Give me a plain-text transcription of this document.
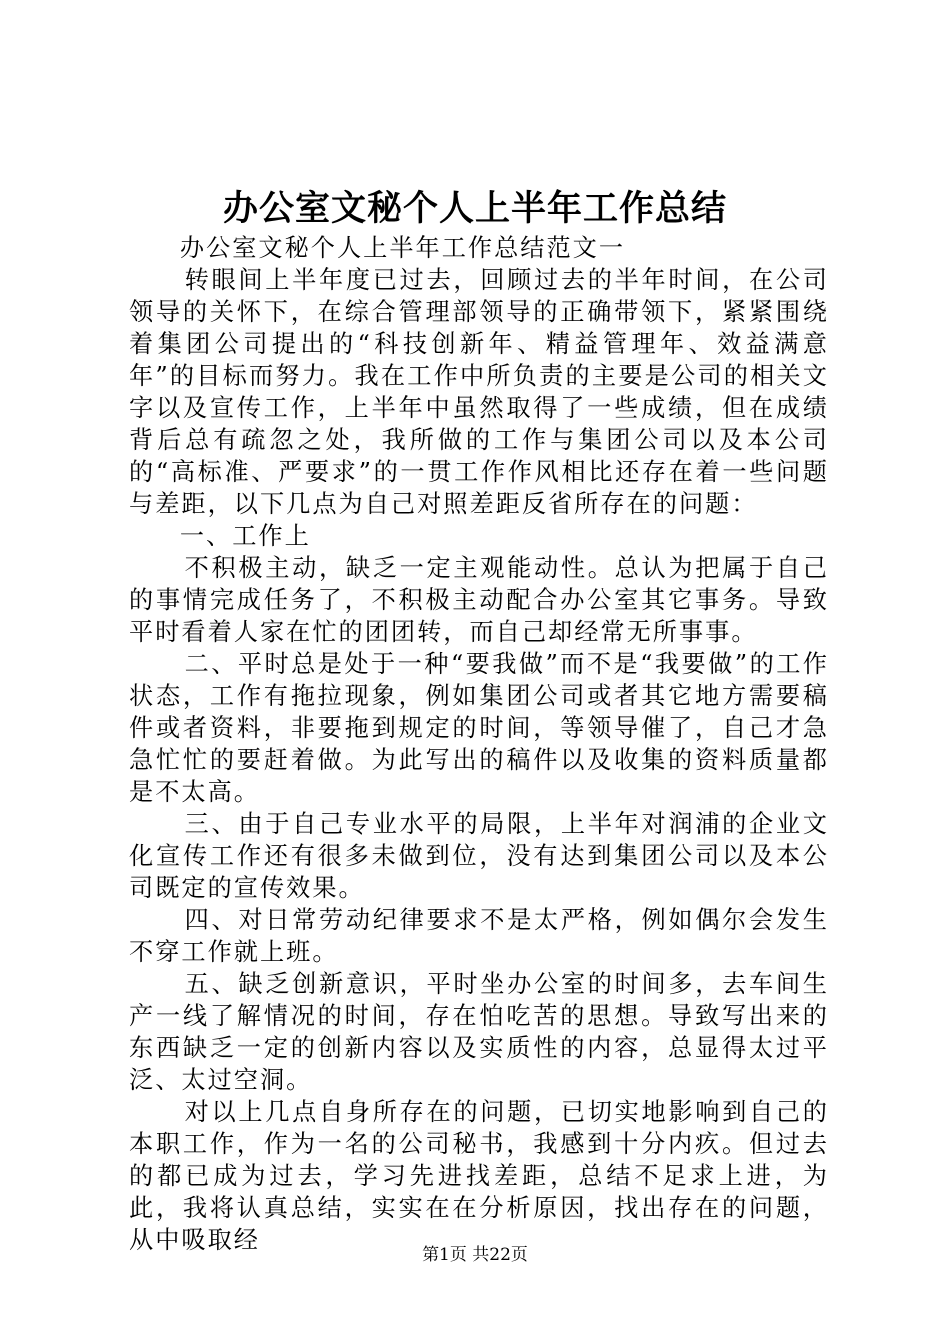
办公室文秘个人上半年工作总结

办公室文秘个人上半年工作总结范文一

转眼间上半年度已过去，回顾过去的半年时间，在公司领导的关怀下，在综合管理部领导的正确带领下，紧紧围绕着集团公司提出的“科技创新年、精益管理年、效益满意年”的目标而努力。我在工作中所负责的主要是公司的相关文字以及宣传工作，上半年中虽然取得了一些成绩，但在成绩背后总有疏忽之处，我所做的工作与集团公司以及本公司的“高标准、严要求”的一贯工作作风相比还存在着一些问题与差距，以下几点为自己对照差距反省所存在的问题：

一、工作上

不积极主动，缺乏一定主观能动性。总认为把属于自己的事情完成任务了，不积极主动配合办公室其它事务。导致平时看着人家在忙的团团转，而自己却经常无所事事。

二、平时总是处于一种“要我做”而不是“我要做”的工作状态，工作有拖拉现象，例如集团公司或者其它地方需要稿件或者资料，非要拖到规定的时间，等领导催了，自己才急急忙忙的要赶着做。为此写出的稿件以及收集的资料质量都是不太高。

三、由于自己专业水平的局限，上半年对润浦的企业文化宣传工作还有很多未做到位，没有达到集团公司以及本公司既定的宣传效果。

四、对日常劳动纪律要求不是太严格，例如偶尔会发生不穿工作就上班。

五、缺乏创新意识，平时坐办公室的时间多，去车间生产一线了解情况的时间，存在怕吃苦的思想。导致写出来的东西缺乏一定的创新内容以及实质性的内容，总显得太过平泛、太过空洞。

对以上几点自身所存在的问题，已切实地影响到自己的本职工作，作为一名的公司秘书，我感到十分内疚。但过去的都已成为过去，学习先进找差距，总结不足求上进，为此，我将认真总结，实实在在分析原因，找出存在的问题，从中吸取经

第1页 共22页
